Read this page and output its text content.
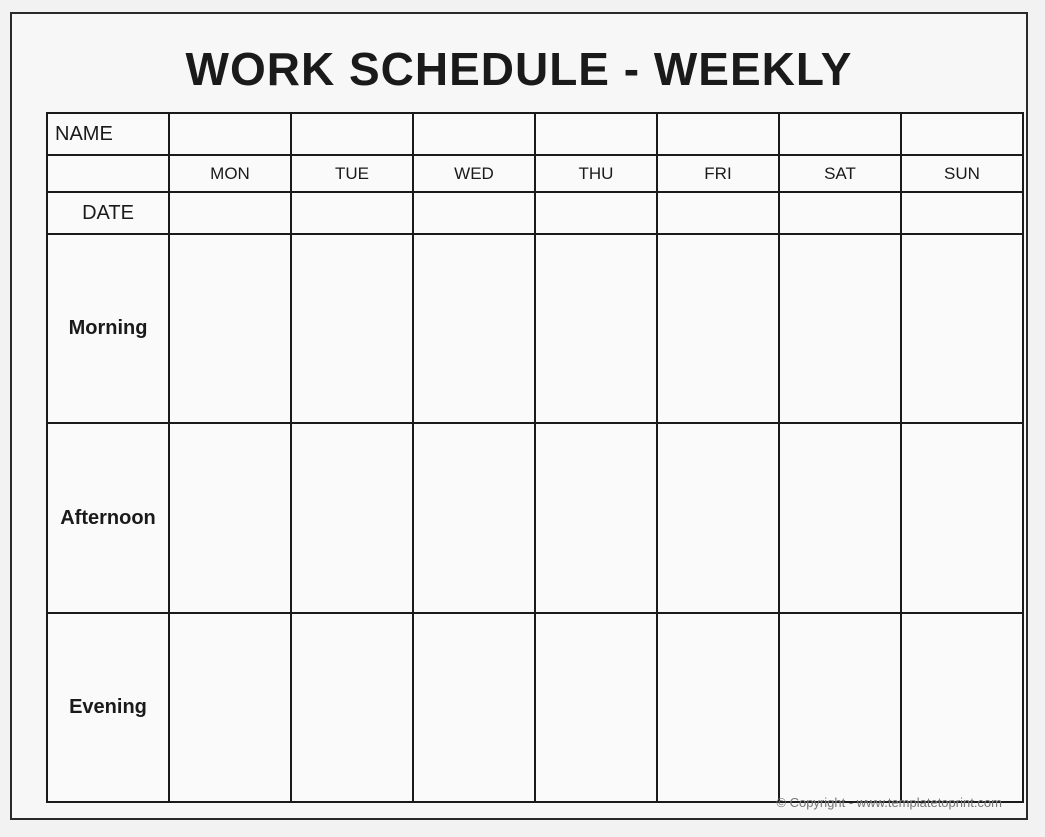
WORK SCHEDULE - WEEKLY
NAME							
	MON	TUE	WED	THU	FRI	SAT	SUN
DATE							
Morning							
Afternoon							
Evening							
© Copyright - www.templatetoprint.com
